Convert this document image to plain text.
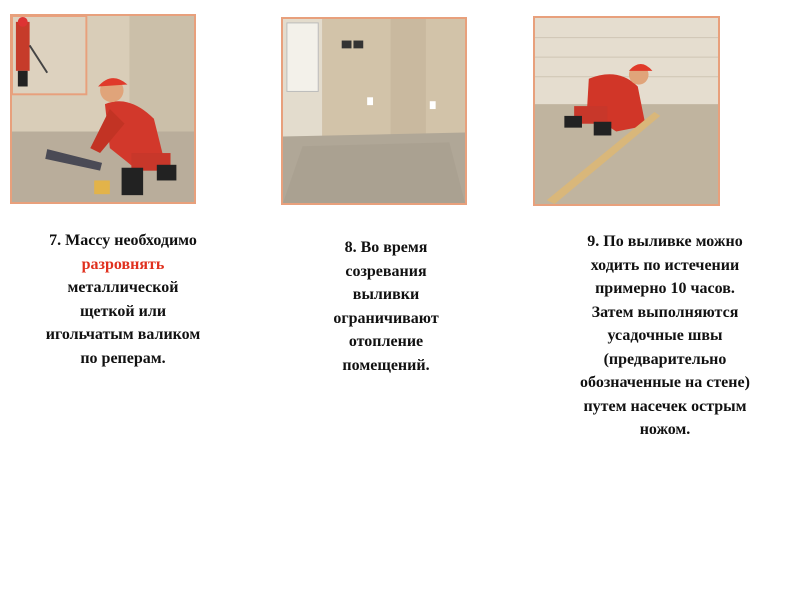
7. Массу необходимо
разровнять
металлической
щеткой или
игольчатым валиком
по реперам.
8. Во время
созревания
выливки
ограничивают
отопление
помещений.
9. По выливке можно
ходить по истечении
примерно 10 часов.
Затем выполняются
усадочные швы
(предварительно
обозначенные на стене)
путем насечек острым
ножом.
